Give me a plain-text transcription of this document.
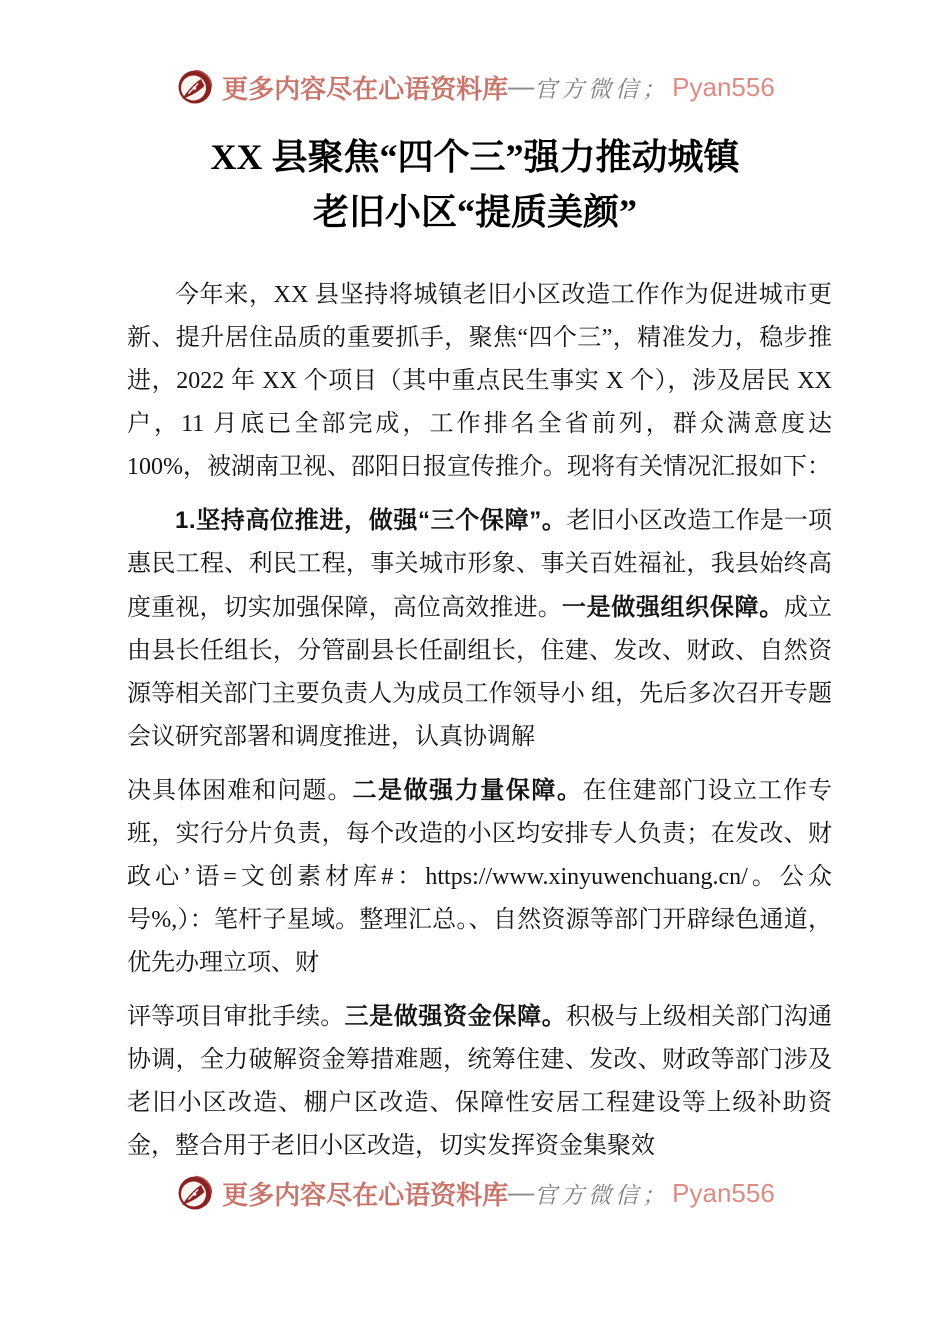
更多内容尽在心语资料库 — 官方微信； Pyan556
XX 县聚焦“四个三”强力推动城镇
老旧小区“提质美颜”

今年来，XX 县坚持将城镇老旧小区改造工作作为促进城市更新、提升居住品质的重要抓手，聚焦“四个三”，精准发力，稳步推进，2022 年 XX 个项目（其中重点民生事实 X 个），涉及居民 XX 户，11 月底已全部完成，工作排名全省前列，群众满意度达 100%，被湖南卫视、邵阳日报宣传推介。现将有关情况汇报如下：

1.坚持高位推进，做强“三个保障”。老旧小区改造工作是一项惠民工程、利民工程，事关城市形象、事关百姓福祉，我县始终高度重视，切实加强保障，高位高效推进。一是做强组织保障。成立由县长任组长，分管副县长任副组长，住建、发改、财政、自然资源等相关部门主要负责人为成员工作领导小 组，先后多次召开专题会议研究部署和调度推进，认真协调解

决具体困难和问题。二是做强力量保障。在住建部门设立工作专班，实行分片负责，每个改造的小区均安排专人负责；在发改、财政心’语=文创素材库#：https://www.xinyuwenchuang.cn/。公众号%,）：笔杆子星域。整理汇总。、自然资源等部门开辟绿色通道，优先办理立项、财

评等项目审批手续。三是做强资金保障。积极与上级相关部门沟通协调，全力破解资金筹措难题，统筹住建、发改、财政等部门涉及老旧小区改造、棚户区改造、保障性安居工程建设等上级补助资金，整合用于老旧小区改造，切实发挥资金集聚效

更多内容尽在心语资料库 — 官方微信； Pyan556
